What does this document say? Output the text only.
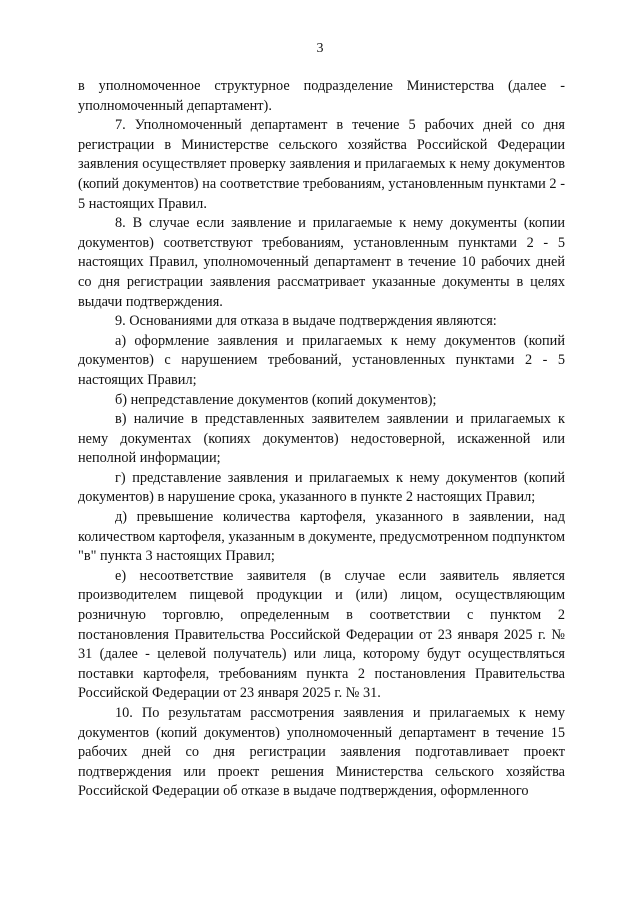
3

в уполномоченное структурное подразделение Министерства (далее - уполномоченный департамент).

7. Уполномоченный департамент в течение 5 рабочих дней со дня регистрации в Министерстве сельского хозяйства Российской Федерации заявления осуществляет проверку заявления и прилагаемых к нему документов (копий документов) на соответствие требованиям, установленным пунктами 2 - 5 настоящих Правил.

8. В случае если заявление и прилагаемые к нему документы (копии документов) соответствуют требованиям, установленным пунктами 2 - 5 настоящих Правил, уполномоченный департамент в течение 10 рабочих дней со дня регистрации заявления рассматривает указанные документы в целях выдачи подтверждения.

9. Основаниями для отказа в выдаче подтверждения являются:

а) оформление заявления и прилагаемых к нему документов (копий документов) с нарушением требований, установленных пунктами 2 - 5 настоящих Правил;

б) непредставление документов (копий документов);

в) наличие в представленных заявителем заявлении и прилагаемых к нему документах (копиях документов) недостоверной, искаженной или неполной информации;

г) представление заявления и прилагаемых к нему документов (копий документов) в нарушение срока, указанного в пункте 2 настоящих Правил;

д) превышение количества картофеля, указанного в заявлении, над количеством картофеля, указанным в документе, предусмотренном подпунктом "в" пункта 3 настоящих Правил;

е) несоответствие заявителя (в случае если заявитель является производителем пищевой продукции и (или) лицом, осуществляющим розничную торговлю, определенным в соответствии с пунктом 2 постановления Правительства Российской Федерации от 23 января 2025 г. № 31 (далее - целевой получатель) или лица, которому будут осуществляться поставки картофеля, требованиям пункта 2 постановления Правительства Российской Федерации от 23 января 2025 г. № 31.

10. По результатам рассмотрения заявления и прилагаемых к нему документов (копий документов) уполномоченный департамент в течение 15 рабочих дней со дня регистрации заявления подготавливает проект подтверждения или проект решения Министерства сельского хозяйства Российской Федерации об отказе в выдаче подтверждения, оформленного
